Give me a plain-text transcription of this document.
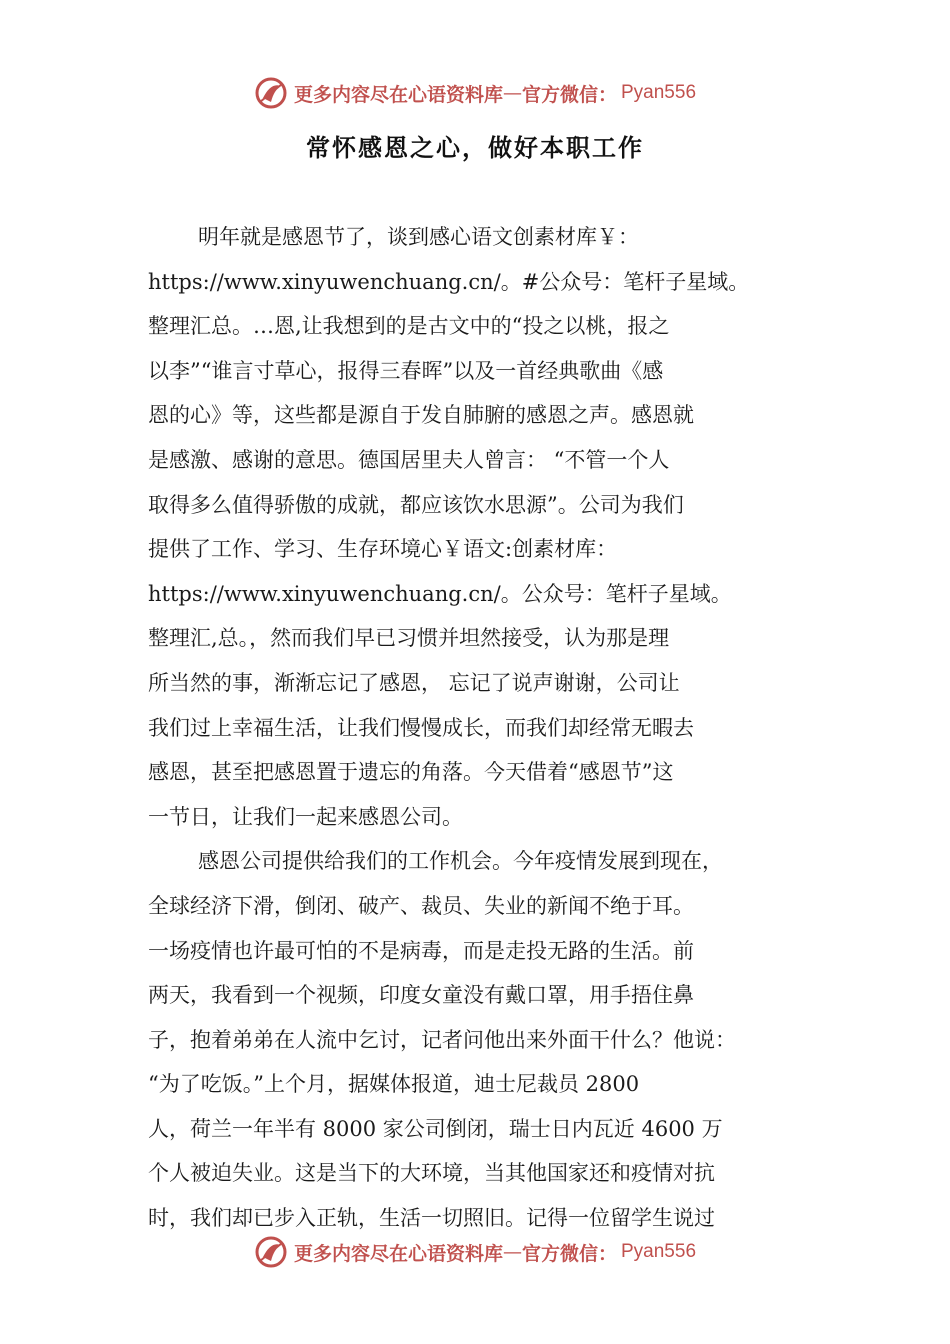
更多内容尽在心语资料库 — 官方微信： Pyan556
常怀感恩之心，做好本职工作
明年就是感恩节了，谈到感心语文创素材库￥：
https://www.xinyuwenchuang.cn/。#公众号：笔杆子星域。
整理汇总。…恩,让我想到的是古文中的“投之以桃，报之
以李”“谁言寸草心，报得三春晖”以及一首经典歌曲《感
恩的心》等，这些都是源自于发自肺腑的感恩之声。感恩就
是感激、感谢的意思。德国居里夫人曾言： “不管一个人
取得多么值得骄傲的成就，都应该饮水思源”。公司为我们
提供了工作、学习、生存环境心￥语文:创素材库：
https://www.xinyuwenchuang.cn/。公众号：笔杆子星域。
整理汇,总。，然而我们早已习惯并坦然接受，认为那是理
所当然的事，渐渐忘记了感恩， 忘记了说声谢谢，公司让
我们过上幸福生活，让我们慢慢成长，而我们却经常无暇去
感恩，甚至把感恩置于遗忘的角落。今天借着“感恩节”这
一节日，让我们一起来感恩公司。
感恩公司提供给我们的工作机会。今年疫情发展到现在，
全球经济下滑，倒闭、破产、裁员、失业的新闻不绝于耳。
一场疫情也许最可怕的不是病毒，而是走投无路的生活。前
两天，我看到一个视频，印度女童没有戴口罩，用手捂住鼻
子，抱着弟弟在人流中乞讨，记者问他出来外面干什么？他说：
“为了吃饭。”上个月，据媒体报道，迪士尼裁员 2800
人，荷兰一年半有 8000 家公司倒闭，瑞士日内瓦近 4600 万
个人被迫失业。这是当下的大环境，当其他国家还和疫情对抗
时，我们却已步入正轨，生活一切照旧。记得一位留学生说过
更多内容尽在心语资料库 — 官方微信： Pyan556
